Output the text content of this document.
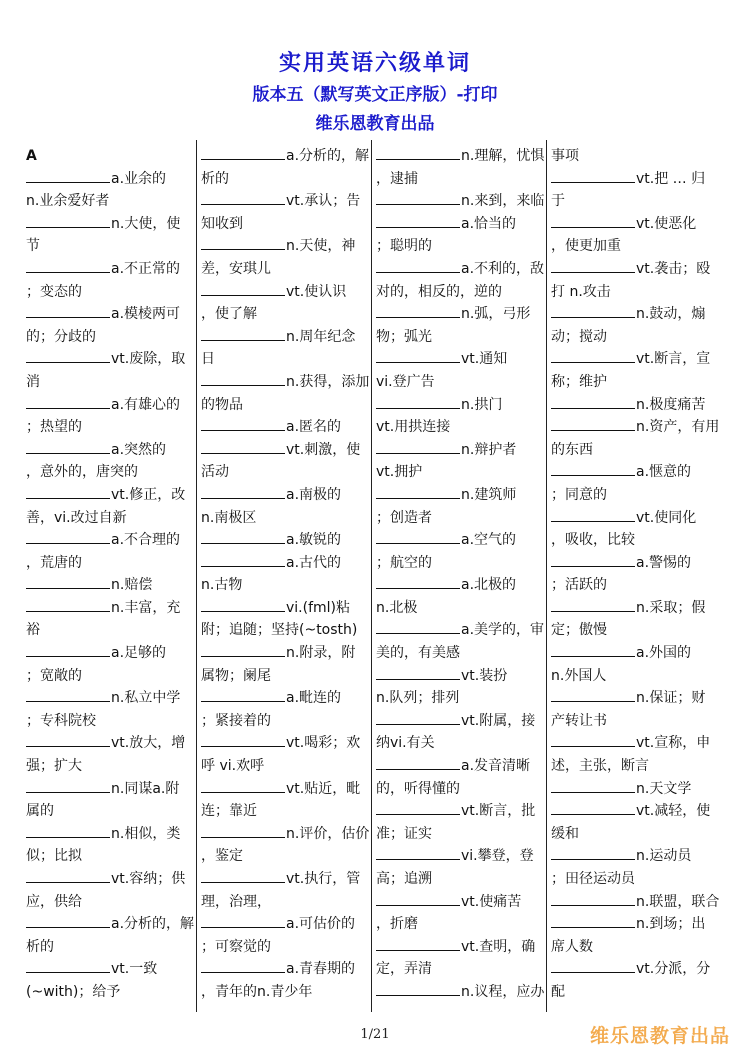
实用英语六级单词
版本五（默写英文正序版）-打印
维乐恩教育出品

A

a.业余的

n.业余爱好者

n.大使，使

节

a.不正常的

；变态的

a.模棱两可

的；分歧的

vt.废除，取

消

a.有雄心的

；热望的

a.突然的

，意外的，唐突的

vt.修正，改

善，vi.改过自新

a.不合理的

，荒唐的

n.赔偿

n.丰富，充

裕

a.足够的

；宽敞的

n.私立中学

；专科院校

vt.放大，增

强；扩大

n.同谋a.附

属的

n.相似，类

似；比拟

vt.容纳；供

应，供给

a.分析的，解

析的

vt.一致

(~with)；给予

a.分析的，解

析的

vt.承认；告

知收到

n.天使，神

差，安琪儿

vt.使认识

，使了解

n.周年纪念

日

n.获得，添加

的物品

a.匿名的

vt.刺激，使

活动

a.南极的

n.南极区

a.敏锐的

a.古代的

n.古物

vi.(fml)粘

附；追随；坚持(~tosth)

n.附录，附

属物；阑尾

a.毗连的

；紧接着的

vt.喝彩；欢

呼 vi.欢呼

vt.贴近，毗

连；靠近

n.评价，估价

，鉴定

vt.执行，管

理，治理，

a.可估价的

；可察觉的

a.青春期的

，青年的n.青少年

n.理解，忧惧

，逮捕

n.来到，来临

a.恰当的

；聪明的

a.不利的，敌

对的，相反的，逆的

n.弧，弓形

物；弧光

vt.通知

vi.登广告

n.拱门

vt.用拱连接

n.辩护者

vt.拥护

n.建筑师

；创造者

a.空气的

；航空的

a.北极的

n.北极

a.美学的，审

美的，有美感

vt.装扮

n.队列；排列

vt.附属，接

纳vi.有关

a.发音清晰

的，听得懂的

vt.断言，批

准；证实

vi.攀登，登

高；追溯

vt.使痛苦

，折磨

vt.查明，确

定，弄清

n.议程，应办

事项

vt.把 … 归

于

vt.使恶化

，使更加重

vt.袭击；殴

打 n.攻击

n.鼓动，煽

动；搅动

vt.断言，宣

称；维护

n.极度痛苦

n.资产，有用

的东西

a.惬意的

；同意的

vt.使同化

，吸收，比较

a.警惕的

；活跃的

n.采取；假

定；傲慢

a.外国的

n.外国人

n.保证；财

产转让书

vt.宣称，申

述，主张，断言

n.天文学

vt.减轻，使

缓和

n.运动员

；田径运动员

n.联盟，联合

n.到场；出

席人数

vt.分派，分

配

1/21	维乐恩教育出品
